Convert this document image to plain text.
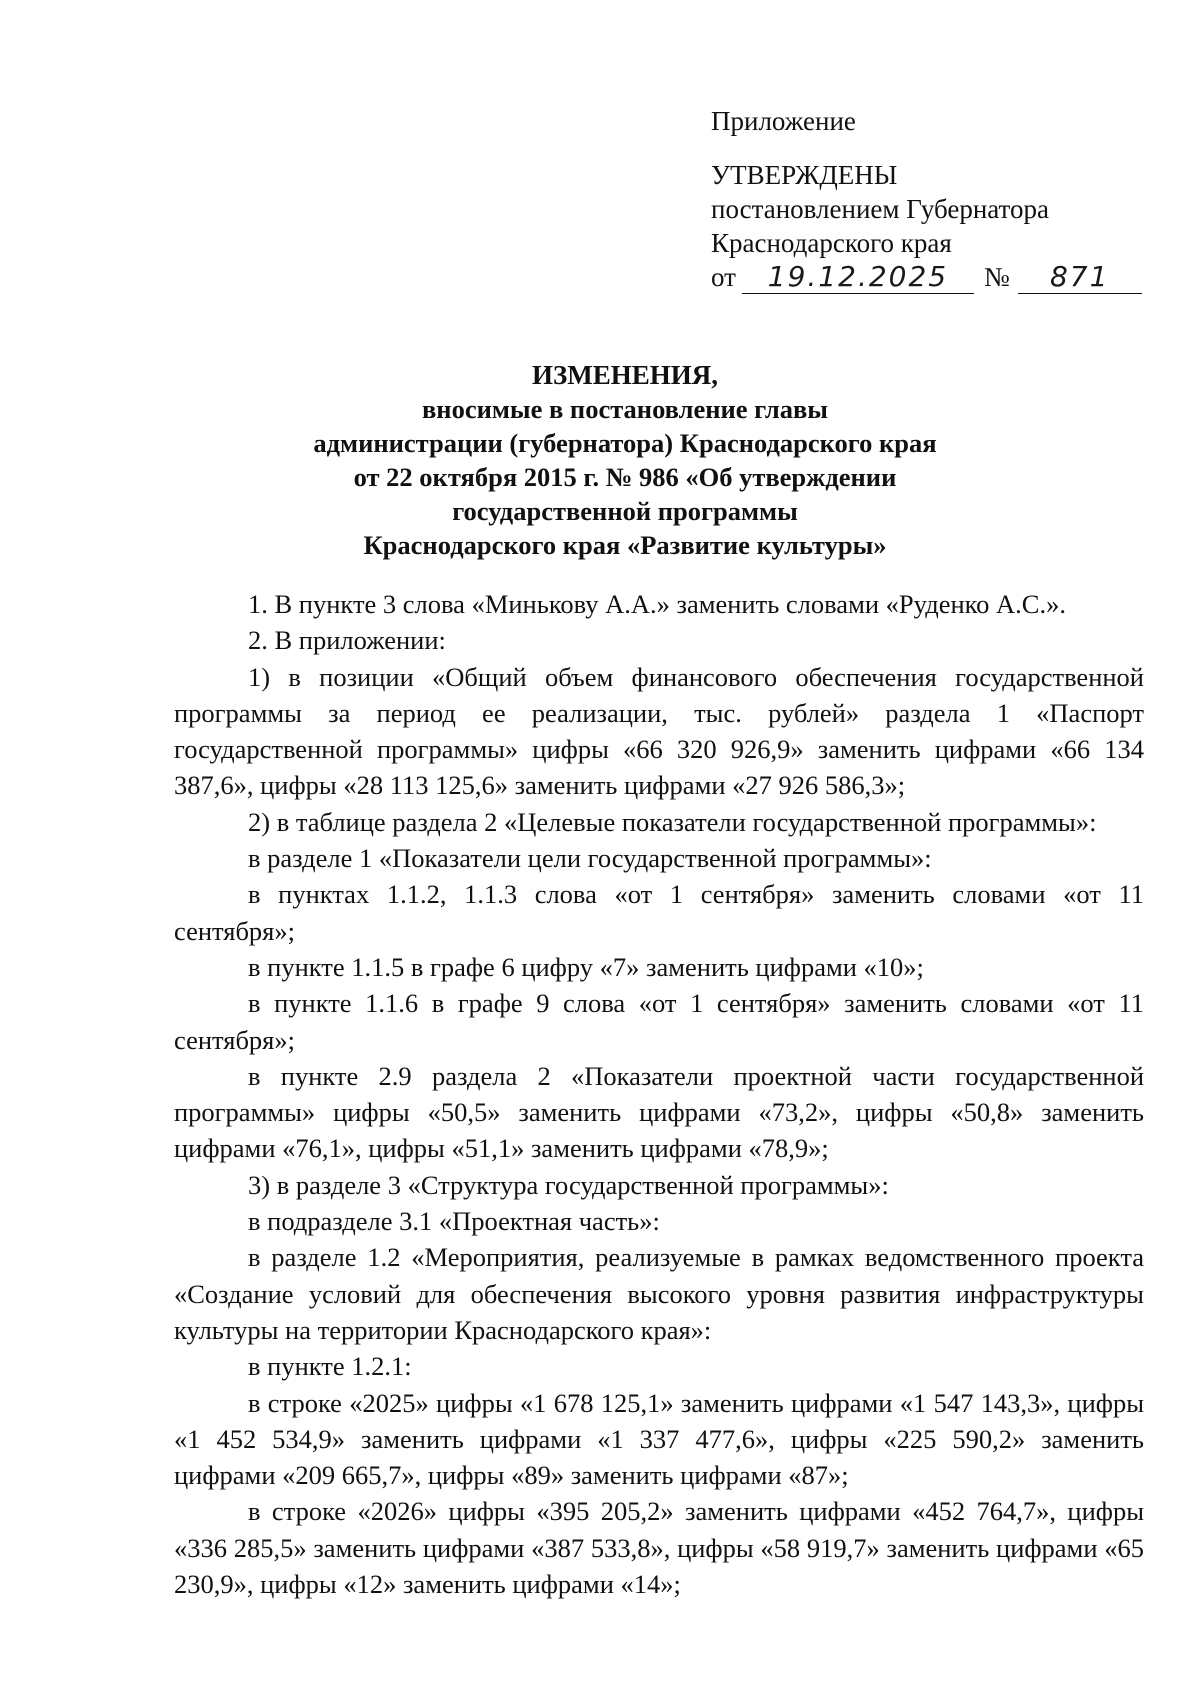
Приложение
УТВЕРЖДЕНЫ
постановлением Губернатора
Краснодарского края
от	19.12.2025	№	871
ИЗМЕНЕНИЯ,
вносимые в постановление главы
администрации (губернатора) Краснодарского края
от 22 октября 2015 г. № 986 «Об утверждении
государственной программы
Краснодарского края «Развитие культуры»

1. В пункте 3 слова «Минькову А.А.» заменить словами «Руденко А.С.».

2. В приложении:

1) в позиции «Общий объем финансового обеспечения государственной программы за период ее реализации, тыс. рублей» раздела 1 «Паспорт государственной программы» цифры «66 320 926,9» заменить цифрами «66 134 387,6», цифры «28 113 125,6» заменить цифрами «27 926 586,3»;

2) в таблице раздела 2 «Целевые показатели государственной программы»:

в разделе 1 «Показатели цели государственной программы»:

в пунктах 1.1.2, 1.1.3 слова «от 1 сентября» заменить словами «от 11 сентября»;

в пункте 1.1.5 в графе 6 цифру «7» заменить цифрами «10»;

в пункте 1.1.6 в графе 9 слова «от 1 сентября» заменить словами «от 11 сентября»;

в пункте 2.9 раздела 2 «Показатели проектной части государственной программы» цифры «50,5» заменить цифрами «73,2», цифры «50,8» заменить цифрами «76,1», цифры «51,1» заменить цифрами «78,9»;

3) в разделе 3 «Структура государственной программы»:

в подразделе 3.1 «Проектная часть»:

в разделе 1.2 «Мероприятия, реализуемые в рамках ведомственного проекта «Создание условий для обеспечения высокого уровня развития инфраструктуры культуры на территории Краснодарского края»:

в пункте 1.2.1:

в строке «2025» цифры «1 678 125,1» заменить цифрами «1 547 143,3», цифры «1 452 534,9» заменить цифрами «1 337 477,6», цифры «225 590,2» заменить цифрами «209 665,7», цифры «89» заменить цифрами «87»;

в строке «2026» цифры «395 205,2» заменить цифрами «452 764,7», цифры «336 285,5» заменить цифрами «387 533,8», цифры «58 919,7» заменить цифрами «65 230,9», цифры «12» заменить цифрами «14»;
